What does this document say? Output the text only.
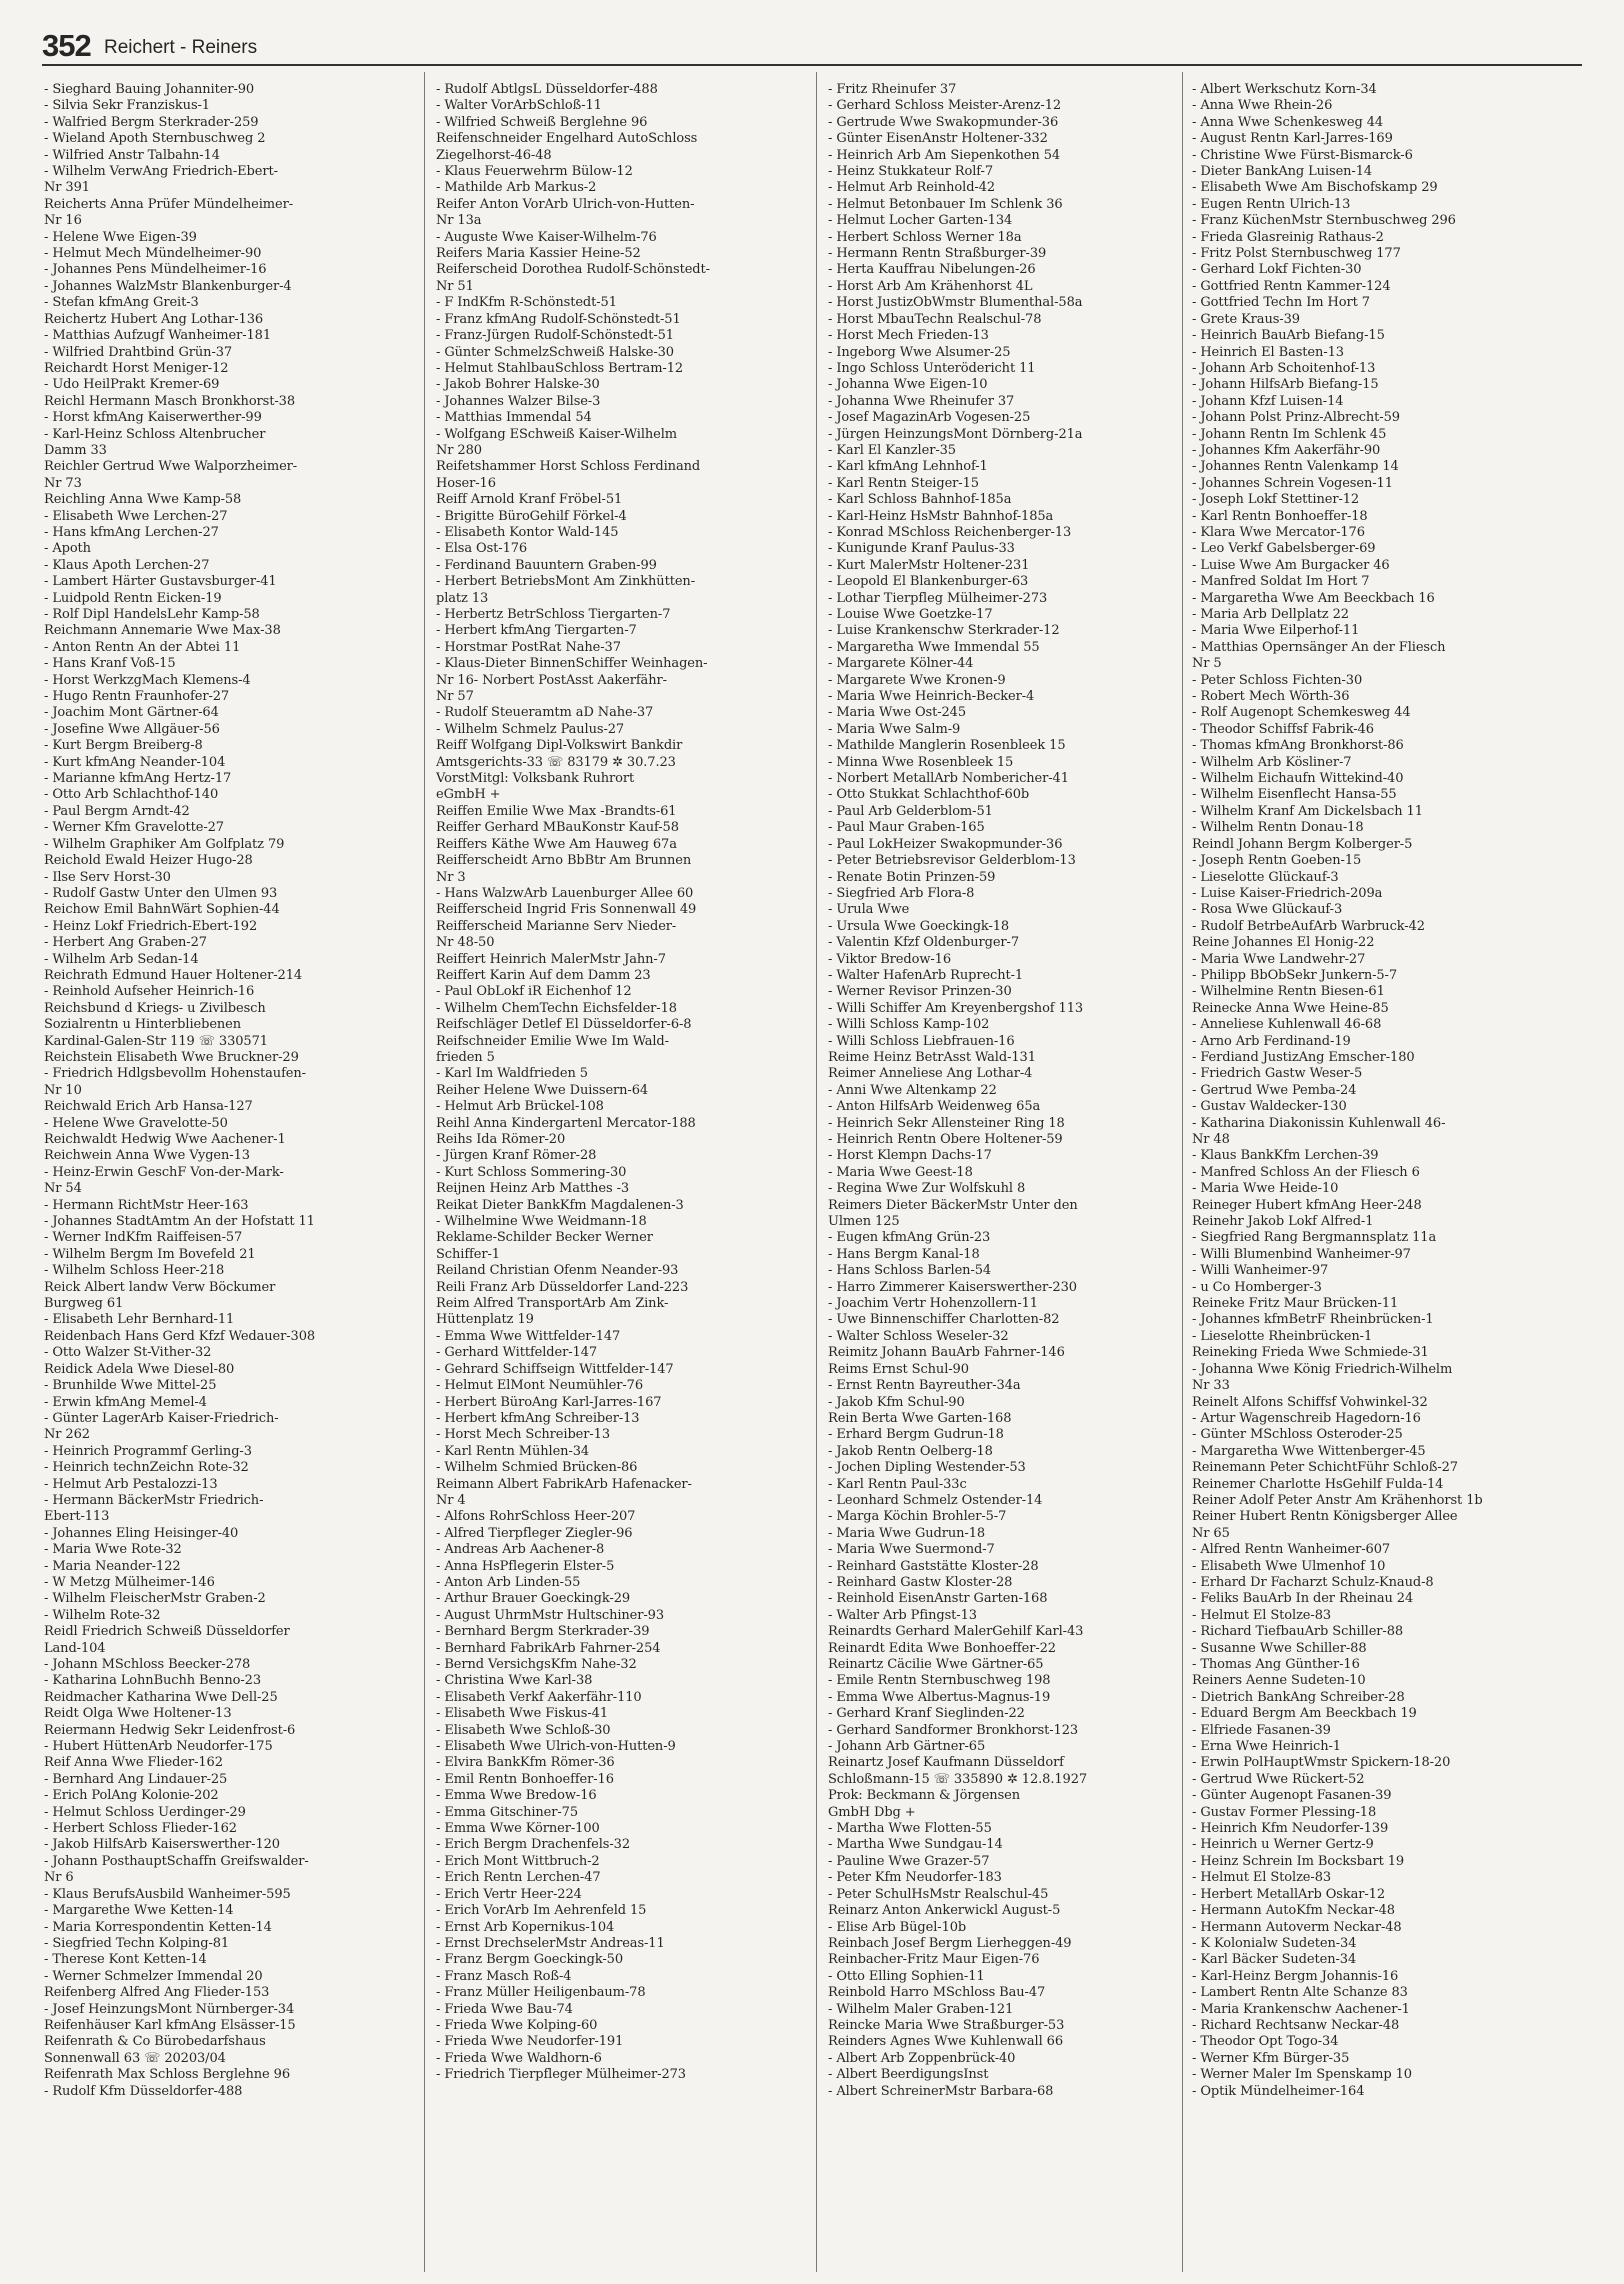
352 Reichert - Reiners
- Sieghard Bauing Johanniter-90
- Silvia Sekr Franziskus-1
- Walfried Bergm Sterkrader-259
- Wieland Apoth Sternbuschweg 2
- Wilfried Anstr Talbahn-14
- Wilhelm VerwAng Friedrich-Ebert-
Nr 391
Reicherts Anna Prüfer Mündelheimer-
Nr 16
- Helene Wwe Eigen-39
- Helmut Mech Mündelheimer-90
- Johannes Pens Mündelheimer-16
- Johannes WalzMstr Blankenburger-4
- Stefan kfmAng Greit-3
Reichertz Hubert Ang Lothar-136
- Matthias Aufzugf Wanheimer-181
- Wilfried Drahtbind Grün-37
Reichardt Horst Meniger-12
- Udo HeilPrakt Kremer-69
Reichl Hermann Masch Bronkhorst-38
- Horst kfmAng Kaiserwerther-99
- Karl-Heinz Schloss Altenbrucher
Damm 33
Reichler Gertrud Wwe Walporzheimer-
Nr 73
Reichling Anna Wwe Kamp-58
- Elisabeth Wwe Lerchen-27
- Hans kfmAng Lerchen-27
- Apoth
- Klaus Apoth Lerchen-27
- Lambert Härter Gustavsburger-41
- Luidpold Rentn Eicken-19
- Rolf Dipl HandelsLehr Kamp-58
Reichmann Annemarie Wwe Max-38
- Anton Rentn An der Abtei 11
- Hans Kranf Voß-15
- Horst WerkzgMach Klemens-4
- Hugo Rentn Fraunhofer-27
- Joachim Mont Gärtner-64
- Josefine Wwe Allgäuer-56
- Kurt Bergm Breiberg-8
- Kurt kfmAng Neander-104
- Marianne kfmAng Hertz-17
- Otto Arb Schlachthof-140
- Paul Bergm Arndt-42
- Werner Kfm Gravelotte-27
- Wilhelm Graphiker Am Golfplatz 79
Reichold Ewald Heizer Hugo-28
- Ilse Serv Horst-30
- Rudolf Gastw Unter den Ulmen 93
Reichow Emil BahnWärt Sophien-44
- Heinz Lokf Friedrich-Ebert-192
- Herbert Ang Graben-27
- Wilhelm Arb Sedan-14
Reichrath Edmund Hauer Holtener-214
- Reinhold Aufseher Heinrich-16
Reichsbund d Kriegs- u Zivilbesch
Sozialrentn u Hinterbliebenen
Kardinal-Galen-Str 119 ☏ 330571
Reichstein Elisabeth Wwe Bruckner-29
- Friedrich Hdlgsbevollm Hohenstaufen-
Nr 10
Reichwald Erich Arb Hansa-127
- Helene Wwe Gravelotte-50
Reichwaldt Hedwig Wwe Aachener-1
Reichwein Anna Wwe Vygen-13
- Heinz-Erwin GeschF Von-der-Mark-
Nr 54
- Hermann RichtMstr Heer-163
- Johannes StadtAmtm An der Hofstatt 11
- Werner IndKfm Raiffeisen-57
- Wilhelm Bergm Im Bovefeld 21
- Wilhelm Schloss Heer-218
Reick Albert landw Verw Böckumer
Burgweg 61
- Elisabeth Lehr Bernhard-11
Reidenbach Hans Gerd Kfzf Wedauer-308
- Otto Walzer St-Vither-32
Reidick Adela Wwe Diesel-80
- Brunhilde Wwe Mittel-25
- Erwin kfmAng Memel-4
- Günter LagerArb Kaiser-Friedrich-
Nr 262
- Heinrich Programmf Gerling-3
- Heinrich technZeichn Rote-32
- Helmut Arb Pestalozzi-13
- Hermann BäckerMstr Friedrich-
Ebert-113
- Johannes Eling Heisinger-40
- Maria Wwe Rote-32
- Maria Neander-122
- W Metzg Mülheimer-146
- Wilhelm FleischerMstr Graben-2
- Wilhelm Rote-32
Reidl Friedrich Schweiß Düsseldorfer
Land-104
- Johann MSchloss Beecker-278
- Katharina LohnBuchh Benno-23
Reidmacher Katharina Wwe Dell-25
Reidt Olga Wwe Holtener-13
Reiermann Hedwig Sekr Leidenfrost-6
- Hubert HüttenArb Neudorfer-175
Reif Anna Wwe Flieder-162
- Bernhard Ang Lindauer-25
- Erich PolAng Kolonie-202
- Helmut Schloss Uerdinger-29
- Herbert Schloss Flieder-162
- Jakob HilfsArb Kaiserswerther-120
- Johann PosthauptSchaffn Greifswalder-
Nr 6
- Klaus BerufsAusbild Wanheimer-595
- Margarethe Wwe Ketten-14
- Maria Korrespondentin Ketten-14
- Siegfried Techn Kolping-81
- Therese Kont Ketten-14
- Werner Schmelzer Immendal 20
Reifenberg Alfred Ang Flieder-153
- Josef HeinzungsMont Nürnberger-34
Reifenhäuser Karl kfmAng Elsässer-15
Reifenrath & Co Bürobedarfshaus
Sonnenwall 63 ☏ 20203/04
Reifenrath Max Schloss Berglehne 96
- Rudolf Kfm Düsseldorfer-488
- Rudolf AbtlgsL Düsseldorfer-488
- Walter VorArbSchloß-11
- Wilfried Schweiß Berglehne 96
Reifenschneider Engelhard AutoSchloss
Ziegelhorst-46-48
- Klaus Feuerwehrm Bülow-12
- Mathilde Arb Markus-2
Reifer Anton VorArb Ulrich-von-Hutten-
Nr 13a
- Auguste Wwe Kaiser-Wilhelm-76
Reifers Maria Kassier Heine-52
Reiferscheid Dorothea Rudolf-Schönstedt-
Nr 51
- F IndKfm R-Schönstedt-51
- Franz kfmAng Rudolf-Schönstedt-51
- Franz-Jürgen Rudolf-Schönstedt-51
- Günter SchmelzSchweiß Halske-30
- Helmut StahlbauSchloss Bertram-12
- Jakob Bohrer Halske-30
- Johannes Walzer Bilse-3
- Matthias Immendal 54
- Wolfgang ESchweiß Kaiser-Wilhelm
Nr 280
Reifetshammer Horst Schloss Ferdinand
Hoser-16
Reiff Arnold Kranf Fröbel-51
- Brigitte BüroGehilf Förkel-4
- Elisabeth Kontor Wald-145
- Elsa Ost-176
- Ferdinand Bauuntern Graben-99
- Herbert BetriebsMont Am Zinkhütten-
platz 13
- Herbertz BetrSchloss Tiergarten-7
- Herbert kfmAng Tiergarten-7
- Horstmar PostRat Nahe-37
- Klaus-Dieter BinnenSchiffer Weinhagen-
Nr 16- Norbert PostAsst Aakerfähr-
Nr 57
- Rudolf Steueramtm aD Nahe-37
- Wilhelm Schmelz Paulus-27
Reiff Wolfgang Dipl-Volkswirt Bankdir
Amtsgerichts-33 ☏ 83179 ✲ 30.7.23
VorstMitgl: Volksbank Ruhrort
eGmbH +
Reiffen Emilie Wwe Max -Brandts-61
Reiffer Gerhard MBauKonstr Kauf-58
Reiffers Käthe Wwe Am Hauweg 67a
Reifferscheidt Arno BbBtr Am Brunnen
Nr 3
- Hans WalzwArb Lauenburger Allee 60
Reifferscheid Ingrid Fris Sonnenwall 49
Reifferscheid Marianne Serv Nieder-
Nr 48-50
Reiffert Heinrich MalerMstr Jahn-7
Reiffert Karin Auf dem Damm 23
- Paul ObLokf iR Eichenhof 12
- Wilhelm ChemTechn Eichsfelder-18
Reifschläger Detlef El Düsseldorfer-6-8
Reifschneider Emilie Wwe Im Wald-
frieden 5
- Karl Im Waldfrieden 5
Reiher Helene Wwe Duissern-64
- Helmut Arb Brückel-108
Reihl Anna Kindergartenl Mercator-188
Reihs Ida Römer-20
- Jürgen Kranf Römer-28
- Kurt Schloss Sommering-30
Reijnen Heinz Arb Matthes -3
Reikat Dieter BankKfm Magdalenen-3
- Wilhelmine Wwe Weidmann-18
Reklame-Schilder Becker Werner
Schiffer-1
Reiland Christian Ofenm Neander-93
Reili Franz Arb Düsseldorfer Land-223
Reim Alfred TransportArb Am Zink-
Hüttenplatz 19
- Emma Wwe Wittfelder-147
- Gerhard Wittfelder-147
- Gehrard Schiffseign Wittfelder-147
- Helmut ElMont Neumühler-76
- Herbert BüroAng Karl-Jarres-167
- Herbert kfmAng Schreiber-13
- Horst Mech Schreiber-13
- Karl Rentn Mühlen-34
- Wilhelm Schmied Brücken-86
Reimann Albert FabrikArb Hafenacker-
Nr 4
- Alfons RohrSchloss Heer-207
- Alfred Tierpfleger Ziegler-96
- Andreas Arb Aachener-8
- Anna HsPflegerin Elster-5
- Anton Arb Linden-55
- Arthur Brauer Goeckingk-29
- August UhrmMstr Hultschiner-93
- Bernhard Bergm Sterkrader-39
- Bernhard FabrikArb Fahrner-254
- Bernd VersichgsKfm Nahe-32
- Christina Wwe Karl-38
- Elisabeth Verkf Aakerfähr-110
- Elisabeth Wwe Fiskus-41
- Elisabeth Wwe Schloß-30
- Elisabeth Wwe Ulrich-von-Hutten-9
- Elvira BankKfm Römer-36
- Emil Rentn Bonhoeffer-16
- Emma Wwe Bredow-16
- Emma Gitschiner-75
- Emma Wwe Körner-100
- Erich Bergm Drachenfels-32
- Erich Mont Wittbruch-2
- Erich Rentn Lerchen-47
- Erich Vertr Heer-224
- Erich VorArb Im Aehrenfeld 15
- Ernst Arb Kopernikus-104
- Ernst DrechselerMstr Andreas-11
- Franz Bergm Goeckingk-50
- Franz Masch Roß-4
- Franz Müller Heiligenbaum-78
- Frieda Wwe Bau-74
- Frieda Wwe Kolping-60
- Frieda Wwe Neudorfer-191
- Frieda Wwe Waldhorn-6
- Friedrich Tierpfleger Mülheimer-273
- Fritz Rheinufer 37
- Gerhard Schloss Meister-Arenz-12
- Gertrude Wwe Swakopmunder-36
- Günter EisenAnstr Holtener-332
- Heinrich Arb Am Siepenkothen 54
- Heinz Stukkateur Rolf-7
- Helmut Arb Reinhold-42
- Helmut Betonbauer Im Schlenk 36
- Helmut Locher Garten-134
- Herbert Schloss Werner 18a
- Hermann Rentn Straßburger-39
- Herta Kauffrau Nibelungen-26
- Horst Arb Am Krähenhorst 4L
- Horst JustizObWmstr Blumenthal-58a
- Horst MbauTechn Realschul-78
- Horst Mech Frieden-13
- Ingeborg Wwe Alsumer-25
- Ingo Schloss Unterödericht 11
- Johanna Wwe Eigen-10
- Johanna Wwe Rheinufer 37
- Josef MagazinArb Vogesen-25
- Jürgen HeinzungsMont Dörnberg-21a
- Karl El Kanzler-35
- Karl kfmAng Lehnhof-1
- Karl Rentn Steiger-15
- Karl Schloss Bahnhof-185a
- Karl-Heinz HsMstr Bahnhof-185a
- Konrad MSchloss Reichenberger-13
- Kunigunde Kranf Paulus-33
- Kurt MalerMstr Holtener-231
- Leopold El Blankenburger-63
- Lothar Tierpfleg Mülheimer-273
- Louise Wwe Goetzke-17
- Luise Krankenschw Sterkrader-12
- Margaretha Wwe Immendal 55
- Margarete Kölner-44
- Margarete Wwe Kronen-9
- Maria Wwe Heinrich-Becker-4
- Maria Wwe Ost-245
- Maria Wwe Salm-9
- Mathilde Manglerin Rosenbleek 15
- Minna Wwe Rosenbleek 15
- Norbert MetallArb Nombericher-41
- Otto Stukkat Schlachthof-60b
- Paul Arb Gelderblom-51
- Paul Maur Graben-165
- Paul LokHeizer Swakopmunder-36
- Peter Betriebsrevisor Gelderblom-13
- Renate Botin Prinzen-59
- Siegfried Arb Flora-8
- Urula Wwe
- Ursula Wwe Goeckingk-18
- Valentin Kfzf Oldenburger-7
- Viktor Bredow-16
- Walter HafenArb Ruprecht-1
- Werner Revisor Prinzen-30
- Willi Schiffer Am Kreyenbergshof 113
- Willi Schloss Kamp-102
- Willi Schloss Liebfrauen-16
Reime Heinz BetrAsst Wald-131
Reimer Anneliese Ang Lothar-4
- Anni Wwe Altenkamp 22
- Anton HilfsArb Weidenweg 65a
- Heinrich Sekr Allensteiner Ring 18
- Heinrich Rentn Obere Holtener-59
- Horst Klempn Dachs-17
- Maria Wwe Geest-18
- Regina Wwe Zur Wolfskuhl 8
Reimers Dieter BäckerMstr Unter den
Ulmen 125
- Eugen kfmAng Grün-23
- Hans Bergm Kanal-18
- Hans Schloss Barlen-54
- Harro Zimmerer Kaiserswerther-230
- Joachim Vertr Hohenzollern-11
- Uwe Binnenschiffer Charlotten-82
- Walter Schloss Weseler-32
Reimitz Johann BauArb Fahrner-146
Reims Ernst Schul-90
- Ernst Rentn Bayreuther-34a
- Jakob Kfm Schul-90
Rein Berta Wwe Garten-168
- Erhard Bergm Gudrun-18
- Jakob Rentn Oelberg-18
- Jochen Dipling Westender-53
- Karl Rentn Paul-33c
- Leonhard Schmelz Ostender-14
- Margа Köchin Brohler-5-7
- Maria Wwe Gudrun-18
- Maria Wwe Suermond-7
- Reinhard Gaststätte Kloster-28
- Reinhard Gastw Kloster-28
- Reinhold EisenAnstr Garten-168
- Walter Arb Pfingst-13
Reinardts Gerhard MalerGehilf Karl-43
Reinardt Edita Wwe Bonhoeffer-22
Reinartz Cäcilie Wwe Gärtner-65
- Emile Rentn Sternbuschweg 198
- Emma Wwe Albertus-Magnus-19
- Gerhard Kranf Sieglinden-22
- Gerhard Sandformer Bronkhorst-123
- Johann Arb Gärtner-65
Reinartz Josef Kaufmann Düsseldorf
Schloßmann-15 ☏ 335890 ✲ 12.8.1927
Prok: Beckmann & Jörgensen
GmbH Dbg +
- Martha Wwe Flotten-55
- Martha Wwe Sundgau-14
- Pauline Wwe Grazer-57
- Peter Kfm Neudorfer-183
- Peter SchulHsMstr Realschul-45
Reinarz Anton Ankerwickl August-5
- Elise Arb Bügel-10b
Reinbach Josef Bergm Lierheggen-49
Reinbacher-Fritz Maur Eigen-76
- Otto Elling Sophien-11
Reinbold Harro MSchloss Bau-47
- Wilhelm Maler Graben-121
Reincke Maria Wwe Straßburger-53
Reinders Agnes Wwe Kuhlenwall 66
- Albert Arb Zoppenbrück-40
- Albert BeerdigungsInst
- Albert SchreinerMstr Barbara-68
- Albert Werkschutz Korn-34
- Anna Wwe Rhein-26
- Anna Wwe Schenkesweg 44
- August Rentn Karl-Jarres-169
- Christine Wwe Fürst-Bismarck-6
- Dieter BankAng Luisen-14
- Elisabeth Wwe Am Bischofskamp 29
- Eugen Rentn Ulrich-13
- Franz KüchenMstr Sternbuschweg 296
- Frieda Glasreinig Rathaus-2
- Fritz Polst Sternbuschweg 177
- Gerhard Lokf Fichten-30
- Gottfried Rentn Kammer-124
- Gottfried Techn Im Hort 7
- Grete Kraus-39
- Heinrich BauArb Biefang-15
- Heinrich El Basten-13
- Johann Arb Schoitenhof-13
- Johann HilfsArb Biefang-15
- Johann Kfzf Luisen-14
- Johann Polst Prinz-Albrecht-59
- Johann Rentn Im Schlenk 45
- Johannes Kfm Aakerfähr-90
- Johannes Rentn Valenkamp 14
- Johannes Schrein Vogesen-11
- Joseph Lokf Stettiner-12
- Karl Rentn Bonhoeffer-18
- Klara Wwe Mercator-176
- Leo Verkf Gabelsberger-69
- Luise Wwe Am Burgacker 46
- Manfred Soldat Im Hort 7
- Margaretha Wwe Am Beeckbach 16
- Maria Arb Dellplatz 22
- Maria Wwe Eilperhof-11
- Matthias Opernsänger An der Fliesch
Nr 5
- Peter Schloss Fichten-30
- Robert Mech Wörth-36
- Rolf Augenopt Schemkesweg 44
- Theodor Schiffsf Fabrik-46
- Thomas kfmAng Bronkhorst-86
- Wilhelm Arb Kösliner-7
- Wilhelm Eichaufn Wittekind-40
- Wilhelm Eisenflecht Hansa-55
- Wilhelm Kranf Am Dickelsbach 11
- Wilhelm Rentn Donau-18
Reindl Johann Bergm Kolberger-5
- Joseph Rentn Goeben-15
- Lieselotte Glückauf-3
- Luise Kaiser-Friedrich-209a
- Rosa Wwe Glückauf-3
- Rudolf BetrbeAufArb Warbruck-42
Reine Johannes El Honig-22
- Maria Wwe Landwehr-27
- Philipp BbObSekr Junkern-5-7
- Wilhelmine Rentn Biesen-61
Reinecke Anna Wwe Heine-85
- Anneliese Kuhlenwall 46-68
- Arno Arb Ferdinand-19
- Ferdiand JustizAng Emscher-180
- Friedrich Gastw Weser-5
- Gertrud Wwe Pemba-24
- Gustav Waldecker-130
- Katharina Diakonissin Kuhlenwall 46-
Nr 48
- Klaus BankKfm Lerchen-39
- Manfred Schloss An der Fliesch 6
- Maria Wwe Heide-10
Reineger Hubert kfmAng Heer-248
Reinehr Jakob Lokf Alfred-1
- Siegfried Rang Bergmannsplatz 11a
- Willi Blumenbind Wanheimer-97
- Willi Wanheimer-97
- u Co Homberger-3
Reineke Fritz Maur Brücken-11
- Johannes kfmBetrF Rheinbrücken-1
- Lieselotte Rheinbrücken-1
Reineking Frieda Wwe Schmiede-31
- Johanna Wwe König Friedrich-Wilhelm
Nr 33
Reinelt Alfons Schiffsf Vohwinkel-32
- Artur Wagenschreib Hagedorn-16
- Günter MSchloss Osteroder-25
- Margaretha Wwe Wittenberger-45
Reinemann Peter SchichtFühr Schloß-27
Reinemer Charlotte HsGehilf Fulda-14
Reiner Adolf Peter Anstr Am Krähenhorst 1b
Reiner Hubert Rentn Königsberger Allee
Nr 65
- Alfred Rentn Wanheimer-607
- Elisabeth Wwe Ulmenhof 10
- Erhard Dr Facharzt Schulz-Knaud-8
- Feliks BauArb In der Rheinau 24
- Helmut El Stolze-83
- Richard TiefbauArb Schiller-88
- Susanne Wwe Schiller-88
- Thomas Ang Günther-16
Reiners Aenne Sudeten-10
- Dietrich BankAng Schreiber-28
- Eduard Bergm Am Beeckbach 19
- Elfriede Fasanen-39
- Erna Wwe Heinrich-1
- Erwin PolHauptWmstr Spickern-18-20
- Gertrud Wwe Rückert-52
- Günter Augenopt Fasanen-39
- Gustav Former Plessing-18
- Heinrich Kfm Neudorfer-139
- Heinrich u Werner Gertz-9
- Heinz Schrein Im Bocksbart 19
- Helmut El Stolze-83
- Herbert MetallArb Oskar-12
- Hermann AutoKfm Neckar-48
- Hermann Autoverm Neckar-48
- K Kolonialw Sudeten-34
- Karl Bäcker Sudeten-34
- Karl-Heinz Bergm Johannis-16
- Lambert Rentn Alte Schanze 83
- Maria Krankenschw Aachener-1
- Richard Rechtsanw Neckar-48
- Theodor Opt Togo-34
- Werner Kfm Bürger-35
- Werner Maler Im Spenskamp 10
- Optik Mündelheimer-164
